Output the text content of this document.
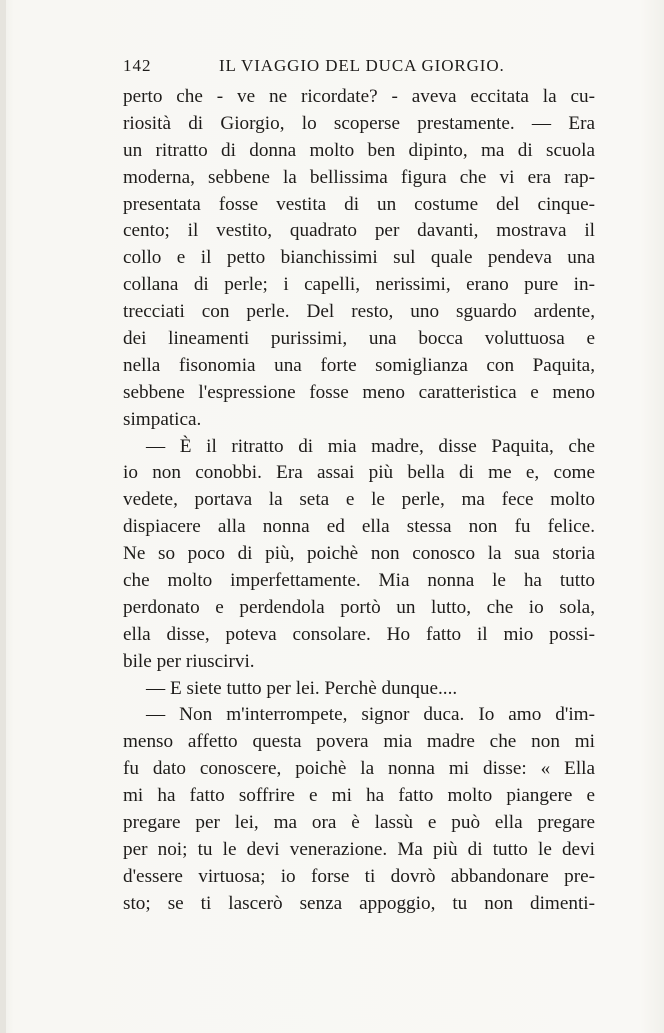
142	IL VIAGGIO DEL DUCA GIORGIO.
perto che - ve ne ricordate? - aveva eccitata la cu-
riosità di Giorgio, lo scoperse prestamente. — Era
un ritratto di donna molto ben dipinto, ma di scuola
moderna, sebbene la bellissima figura che vi era rap-
presentata fosse vestita di un costume del cinque-
cento; il vestito, quadrato per davanti, mostrava il
collo e il petto bianchissimi sul quale pendeva una
collana di perle; i capelli, nerissimi, erano pure in-
trecciati con perle. Del resto, uno sguardo ardente,
dei lineamenti purissimi, una bocca voluttuosa e
nella fisonomia una forte somiglianza con Paquita,
sebbene l'espressione fosse meno caratteristica e meno
simpatica.
— È il ritratto di mia madre, disse Paquita, che
io non conobbi. Era assai più bella di me e, come
vedete, portava la seta e le perle, ma fece molto
dispiacere alla nonna ed ella stessa non fu felice.
Ne so poco di più, poichè non conosco la sua storia
che molto imperfettamente. Mia nonna le ha tutto
perdonato e perdendola portò un lutto, che io sola,
ella disse, poteva consolare. Ho fatto il mio possi-
bile per riuscirvi.
— E siete tutto per lei. Perchè dunque....
— Non m'interrompete, signor duca. Io amo d'im-
menso affetto questa povera mia madre che non mi
fu dato conoscere, poichè la nonna mi disse: « Ella
mi ha fatto soffrire e mi ha fatto molto piangere e
pregare per lei, ma ora è lassù e può ella pregare
per noi; tu le devi venerazione. Ma più di tutto le devi
d'essere virtuosa; io forse ti dovrò abbandonare pre-
sto; se ti lascerò senza appoggio, tu non dimenti-
